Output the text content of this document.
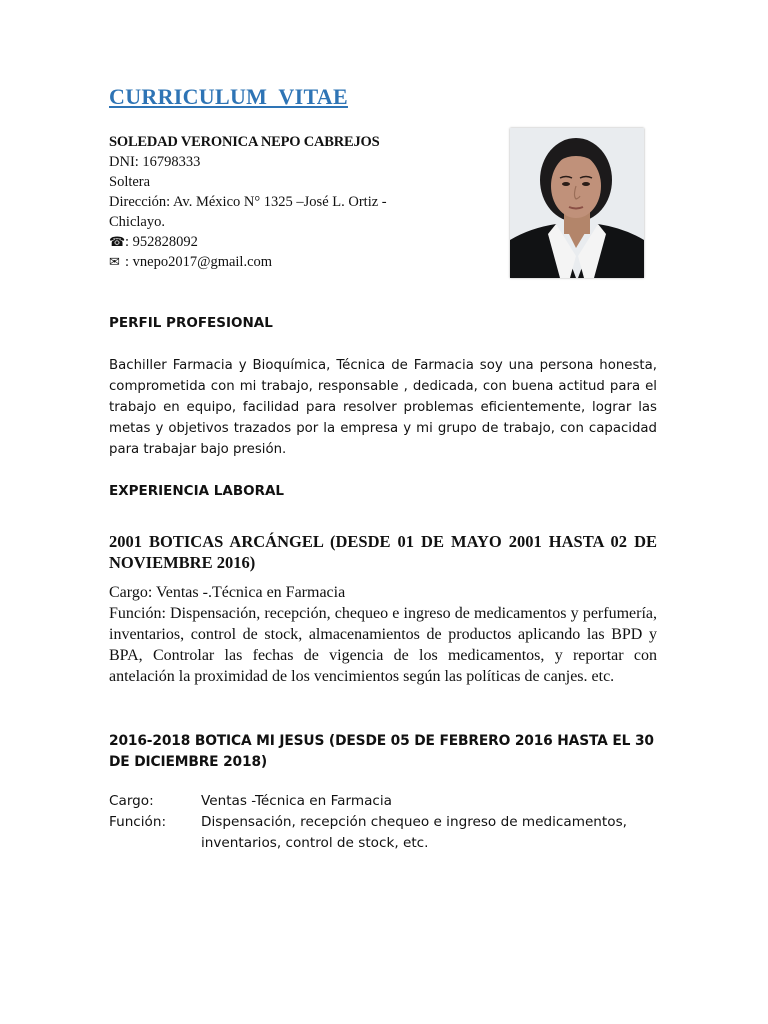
CURRICULUM  VITAE
SOLEDAD VERONICA NEPO CABREJOS
DNI: 16798333
Soltera
Dirección: Av. México N° 1325 –José L. Ortiz -
Chiclayo.
☎: 952828092
✉ : vnepo2017@gmail.com
PERFIL PROFESIONAL
Bachiller Farmacia y Bioquímica, Técnica de Farmacia soy una persona honesta, comprometida con mi trabajo, responsable , dedicada, con buena actitud para el trabajo en equipo, facilidad para resolver problemas eficientemente, lograr las metas y objetivos trazados por la empresa y mi grupo de trabajo, con capacidad para trabajar bajo presión.
EXPERIENCIA LABORAL
2001 BOTICAS ARCÁNGEL (DESDE 01 DE MAYO 2001 HASTA 02 DE NOVIEMBRE 2016)
Cargo: Ventas -.Técnica en Farmacia
Función: Dispensación, recepción, chequeo e ingreso de medicamentos y perfumería, inventarios, control de stock, almacenamientos de productos aplicando las BPD y BPA, Controlar las fechas de vigencia de los medicamentos, y reportar con antelación la proximidad de los vencimientos según las políticas de canjes. etc.
2016-2018 BOTICA MI JESUS (DESDE 05 DE FEBRERO 2016 HASTA EL 30 DE DICIEMBRE 2018)
Cargo:	Ventas -Técnica en Farmacia
Función:	Dispensación, recepción chequeo e ingreso de medicamentos, inventarios, control de stock, etc.
